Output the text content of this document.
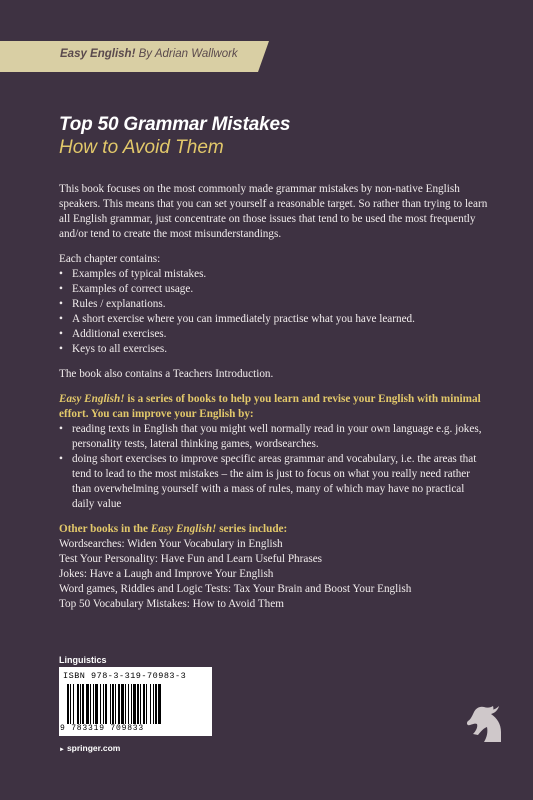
Easy English! By Adrian Wallwork
Top 50 Grammar Mistakes
How to Avoid Them

This book focuses on the most commonly made grammar mistakes by non-native English speakers. This means that you can set yourself a reasonable target. So rather than trying to learn all English grammar, just concentrate on those issues that tend to be used the most frequently and/or tend to create the most misunderstandings.

Each chapter contains:
• Examples of typical mistakes.
• Examples of correct usage.
• Rules / explanations.
• A short exercise where you can immediately practise what you have learned.
• Additional exercises.
• Keys to all exercises.

The book also contains a Teachers Introduction.

Easy English! is a series of books to help you learn and revise your English with minimal effort. You can improve your English by:
• reading texts in English that you might well normally read in your own language e.g. jokes, personality tests, lateral thinking games, wordsearches.
• doing short exercises to improve specific areas grammar and vocabulary, i.e. the areas that tend to lead to the most mistakes – the aim is just to focus on what you really need rather than overwhelming yourself with a mass of rules, many of which may have no practical daily value
Other books in the Easy English! series include:
Wordsearches: Widen Your Vocabulary in English
Test Your Personality: Have Fun and Learn Useful Phrases
Jokes: Have a Laugh and Improve Your English
Word games, Riddles and Logic Tests: Tax Your Brain and Boost Your English
Top 50 Vocabulary Mistakes: How to Avoid Them
Linguistics
ISBN 978-3-319-70983-3
9 783319 709833
► springer.com
